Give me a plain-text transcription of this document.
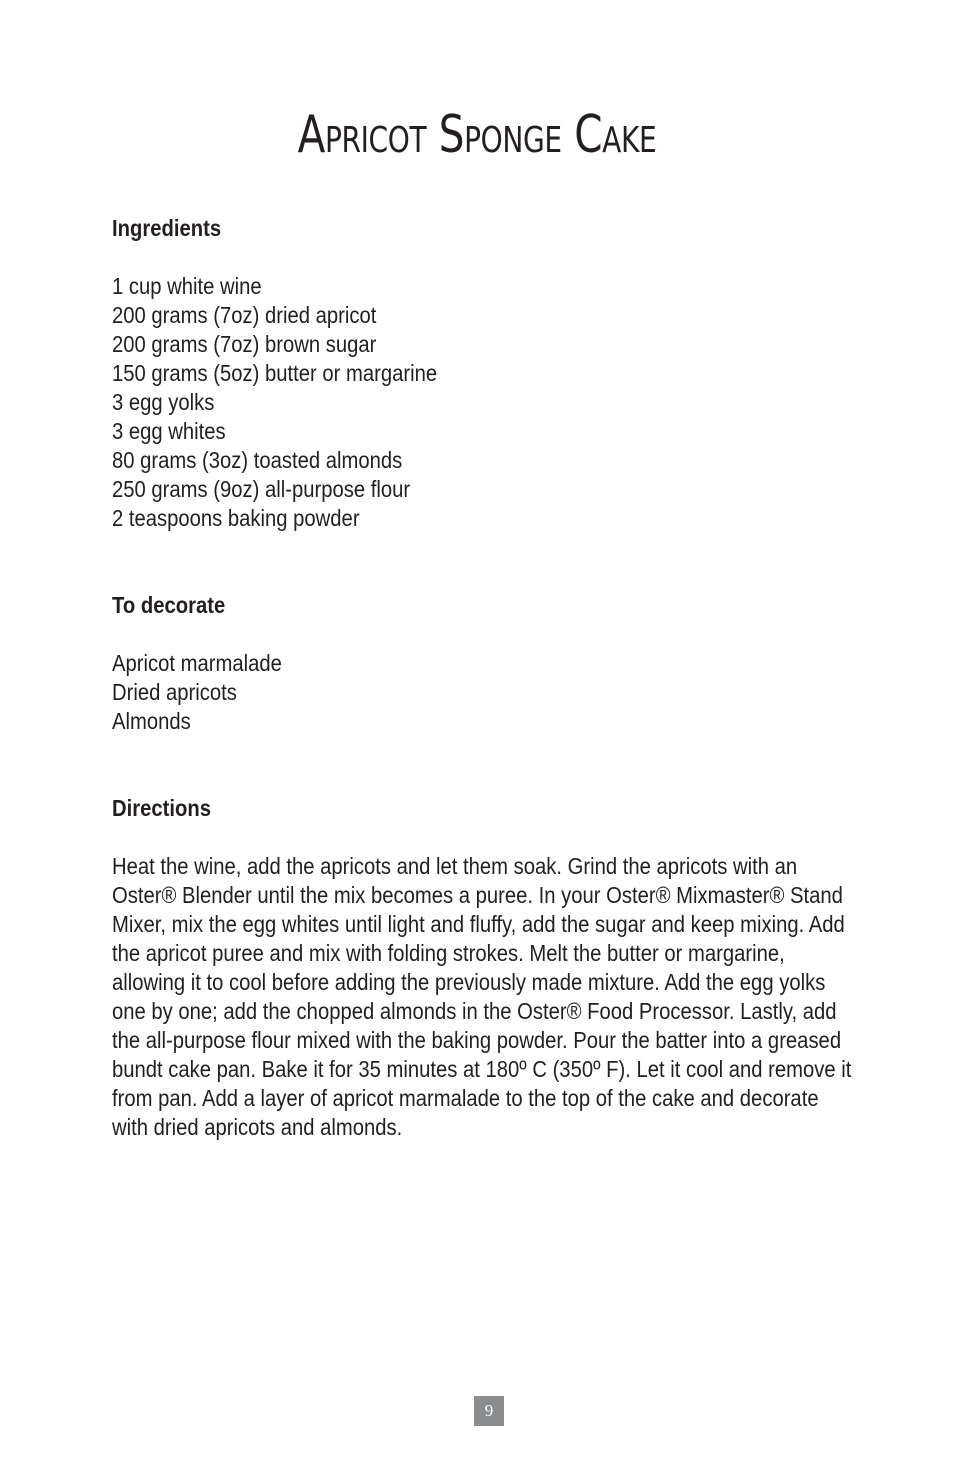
Apricot Sponge Cake
Ingredients
1 cup white wine
200 grams (7oz) dried apricot
200 grams (7oz) brown sugar
150 grams (5oz) butter or margarine
3 egg yolks
3 egg whites
80 grams (3oz) toasted almonds
250 grams (9oz) all-purpose flour
2 teaspoons baking powder
To decorate
Apricot marmalade
Dried apricots
Almonds
Directions

Heat the wine, add the apricots and let them soak. Grind the apricots with an Oster® Blender until the mix becomes a puree. In your Oster® Mixmaster® Stand Mixer, mix the egg whites until light and fluffy, add the sugar and keep mixing. Add the apricot puree and mix with folding strokes. Melt the butter or margarine, allowing it to cool before adding the previously made mixture. Add the egg yolks one by one; add the chopped almonds in the Oster® Food Processor. Lastly, add the all-purpose flour mixed with the baking powder. Pour the batter into a greased bundt cake pan. Bake it for 35 minutes at 180º C (350º F). Let it cool and remove it from pan. Add a layer of apricot marmalade to the top of the cake and decorate with dried apricots and almonds.

9
